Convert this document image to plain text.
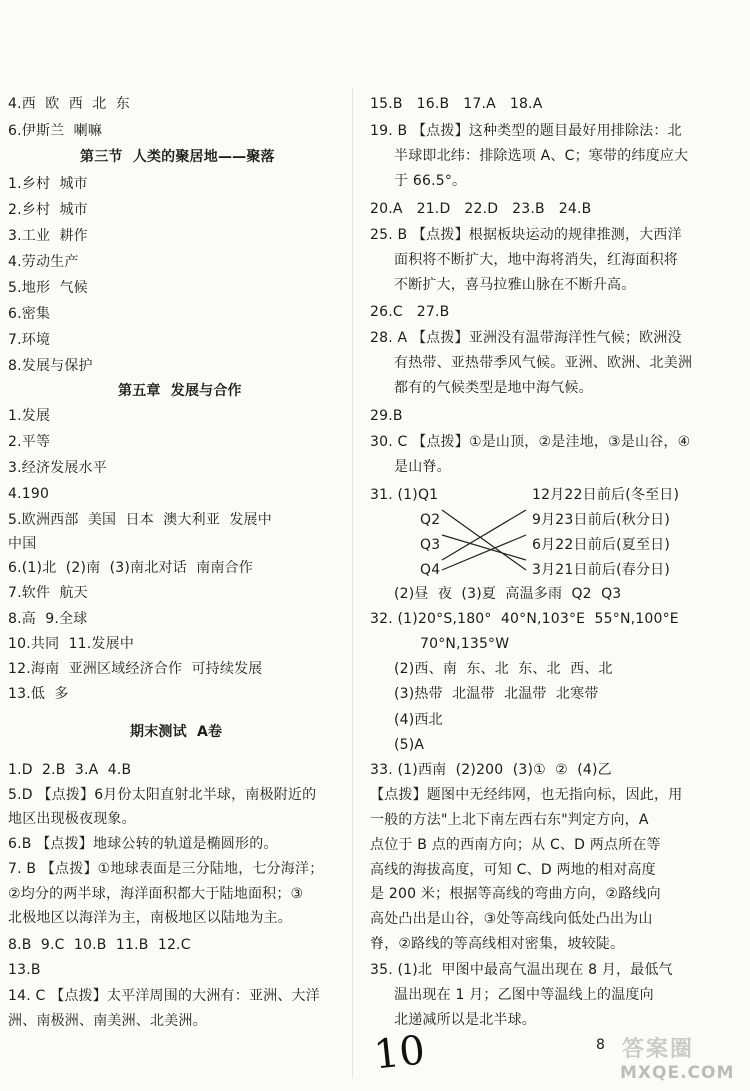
4.西  欧  西  北  东
6.伊斯兰  喇嘛
第三节  人类的聚居地——聚落
1.乡村  城市
2.乡村  城市
3.工业  耕作
4.劳动生产
5.地形  气候
6.密集
7.环境
8.发展与保护
第五章  发展与合作
1.发展
2.平等
3.经济发展水平
4.190
5.欧洲西部  美国  日本  澳大利亚  发展中
中国
6.(1)北  (2)南  (3)南北对话  南南合作
7.软件  航天
8.高  9.全球
10.共同  11.发展中
12.海南  亚洲区域经济合作  可持续发展
13.低  多
期末测试  A卷
1.D  2.B  3.A  4.B
5.D 【点拨】6月份太阳直射北半球，南极附近的
地区出现极夜现象。
6.B 【点拨】地球公转的轨道是椭圆形的。
7. B 【点拨】①地球表面是三分陆地，七分海洋；
②均分的两半球，海洋面积都大于陆地面积；③
北极地区以海洋为主，南极地区以陆地为主。
8.B  9.C  10.B  11.B  12.C
13.B
14. C 【点拨】太平洋周围的大洲有：亚洲、大洋
洲、南极洲、南美洲、北美洲。
15.B   16.B   17.A   18.A
19. B 【点拨】这种类型的题目最好用排除法：北
半球即北纬：排除选项 A、C；寒带的纬度应大
于 66.5°。
20.A   21.D   22.D   23.B   24.B
25. B 【点拨】根据板块运动的规律推测，大西洋
面积将不断扩大，地中海将消失，红海面积将
不断扩大，喜马拉雅山脉在不断升高。
26.C   27.B
28. A 【点拨】亚洲没有温带海洋性气候；欧洲没
有热带、亚热带季风气候。亚洲、欧洲、北美洲
都有的气候类型是地中海气候。
29.B
30. C 【点拨】①是山顶，②是洼地，③是山谷，④
是山脊。
31. (1)Q1
Q2
Q3
Q4
12月22日前后(冬至日)
9月23日前后(秋分日)
6月22日前后(夏至日)
3月21日前后(春分日)
(2)昼  夜  (3)夏  高温多雨  Q2  Q3
32. (1)20°S,180°  40°N,103°E  55°N,100°E
70°N,135°W
(2)西、南  东、北  东、北  西、北
(3)热带  北温带  北温带  北寒带
(4)西北
(5)A
33. (1)西南  (2)200  (3)①  ②  (4)乙
【点拨】题图中无经纬网，也无指向标，因此，用
一般的方法"上北下南左西右东"判定方向，A
点位于 B 点的西南方向；从 C、D 两点所在等
高线的海拔高度，可知 C、D 两地的相对高度
是 200 米；根据等高线的弯曲方向，②路线向
高处凸出是山谷，③处等高线向低处凸出为山
脊，②路线的等高线相对密集，坡较陡。
35. (1)北  甲图中最高气温出现在 8 月，最低气
温出现在 1 月；乙图中等温线上的温度向
北递减所以是北半球。
10	8 答案圈
MXQE.COM
